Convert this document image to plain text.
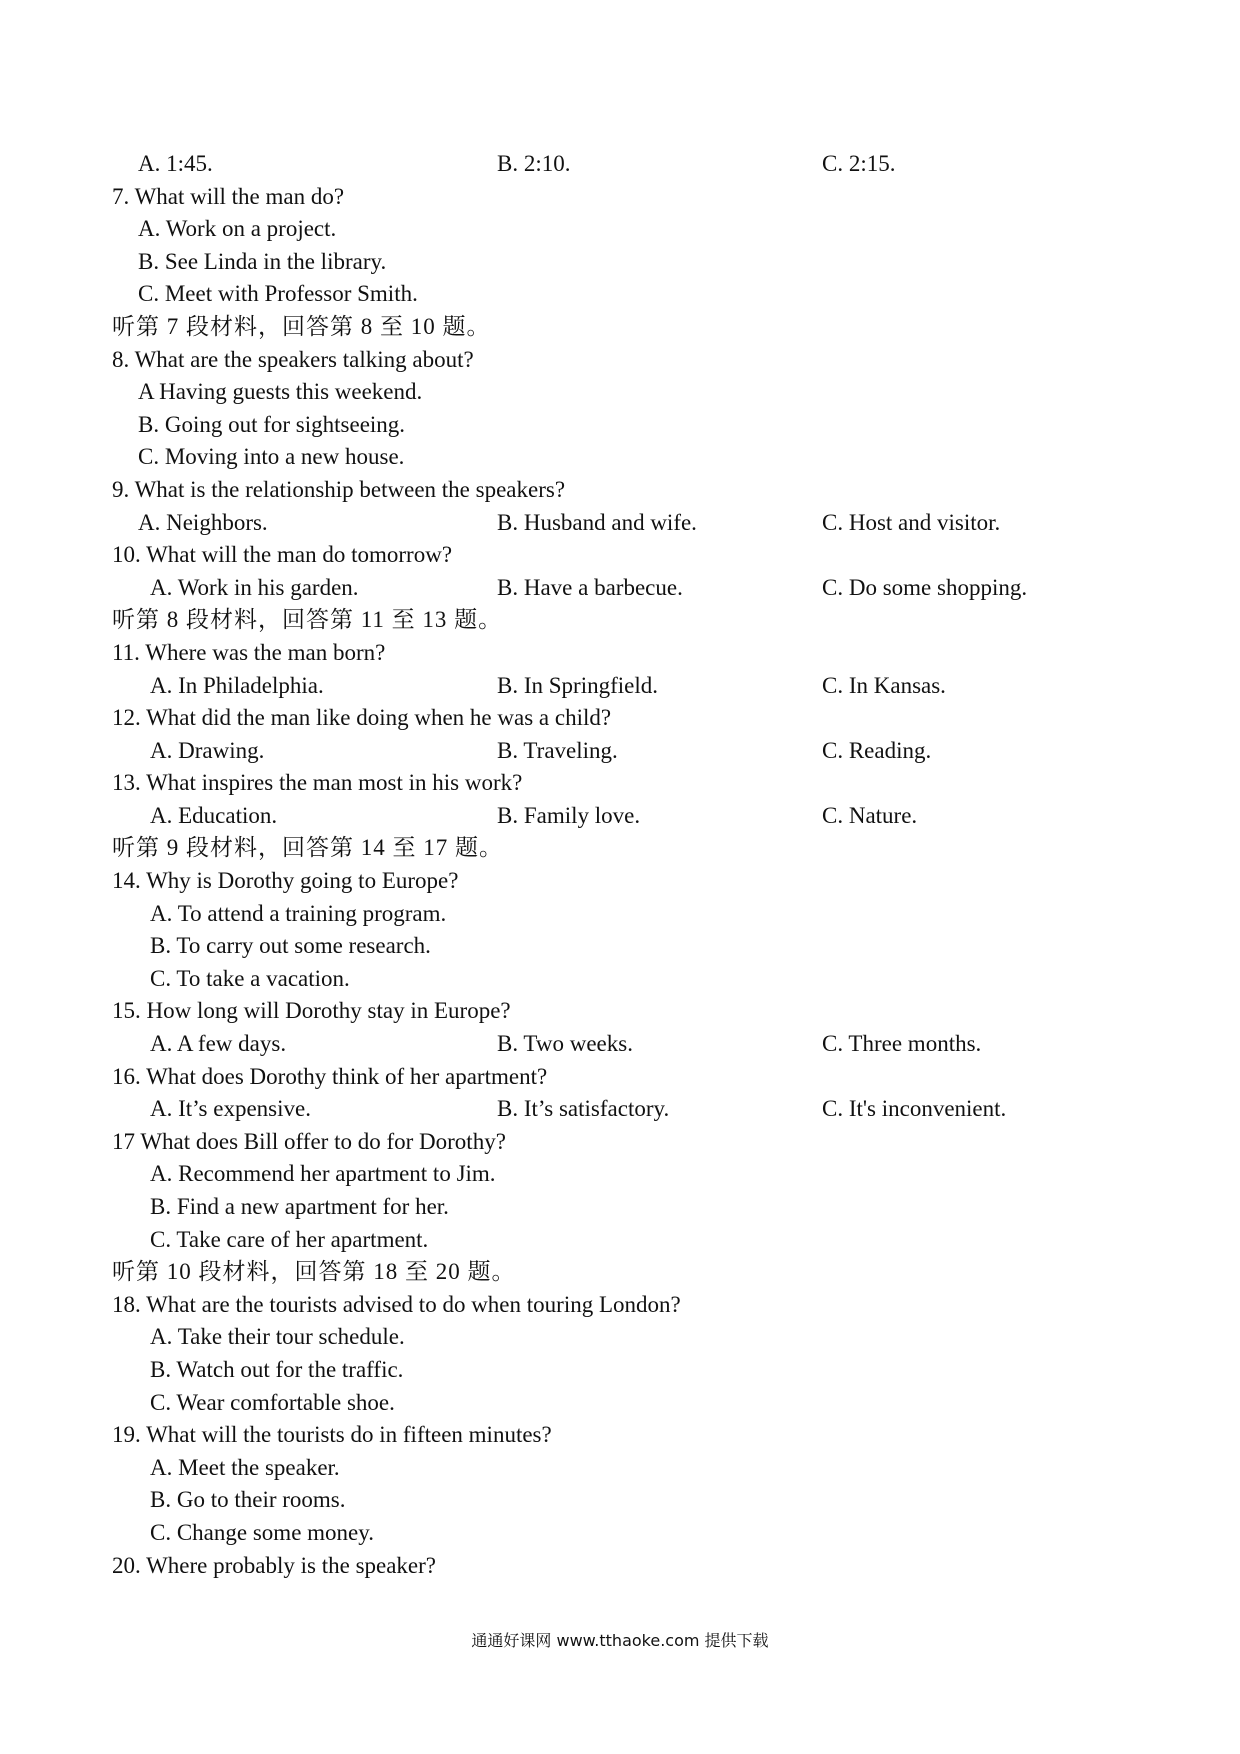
A. 1:45.	B. 2:10.	C. 2:15.
7. What will the man do?
A. Work on a project.
B. See Linda in the library.
C. Meet with Professor Smith.
听第 7 段材料，回答第 8 至 10 题。
8. What are the speakers talking about?
A Having guests this weekend.
B. Going out for sightseeing.
C. Moving into a new house.
9. What is the relationship between the speakers?
A. Neighbors.	B. Husband and wife.	C. Host and visitor.
10. What will the man do tomorrow?
A. Work in his garden.	B. Have a barbecue.	C. Do some shopping.
听第 8 段材料，回答第 11 至 13 题。
11. Where was the man born?
A. In Philadelphia.	B. In Springfield.	C. In Kansas.
12. What did the man like doing when he was a child?
A. Drawing.	B. Traveling.	C. Reading.
13. What inspires the man most in his work?
A. Education.	B. Family love.	C. Nature.
听第 9 段材料，回答第 14 至 17 题。
14. Why is Dorothy going to Europe?
A. To attend a training program.
B. To carry out some research.
C. To take a vacation.
15. How long will Dorothy stay in Europe?
A. A few days.	B. Two weeks.	C. Three months.
16. What does Dorothy think of her apartment?
A. It’s expensive.	B. It’s satisfactory.	C. It's inconvenient.
17 What does Bill offer to do for Dorothy?
A. Recommend her apartment to Jim.
B. Find a new apartment for her.
C. Take care of her apartment.
听第 10 段材料，回答第 18 至 20 题。
18. What are the tourists advised to do when touring London?
A. Take their tour schedule.
B. Watch out for the traffic.
C. Wear comfortable shoe.
19. What will the tourists do in fifteen minutes?
A. Meet the speaker.
B. Go to their rooms.
C. Change some money.
20. Where probably is the speaker?
通通好课网 www.tthaoke.com 提供下载
